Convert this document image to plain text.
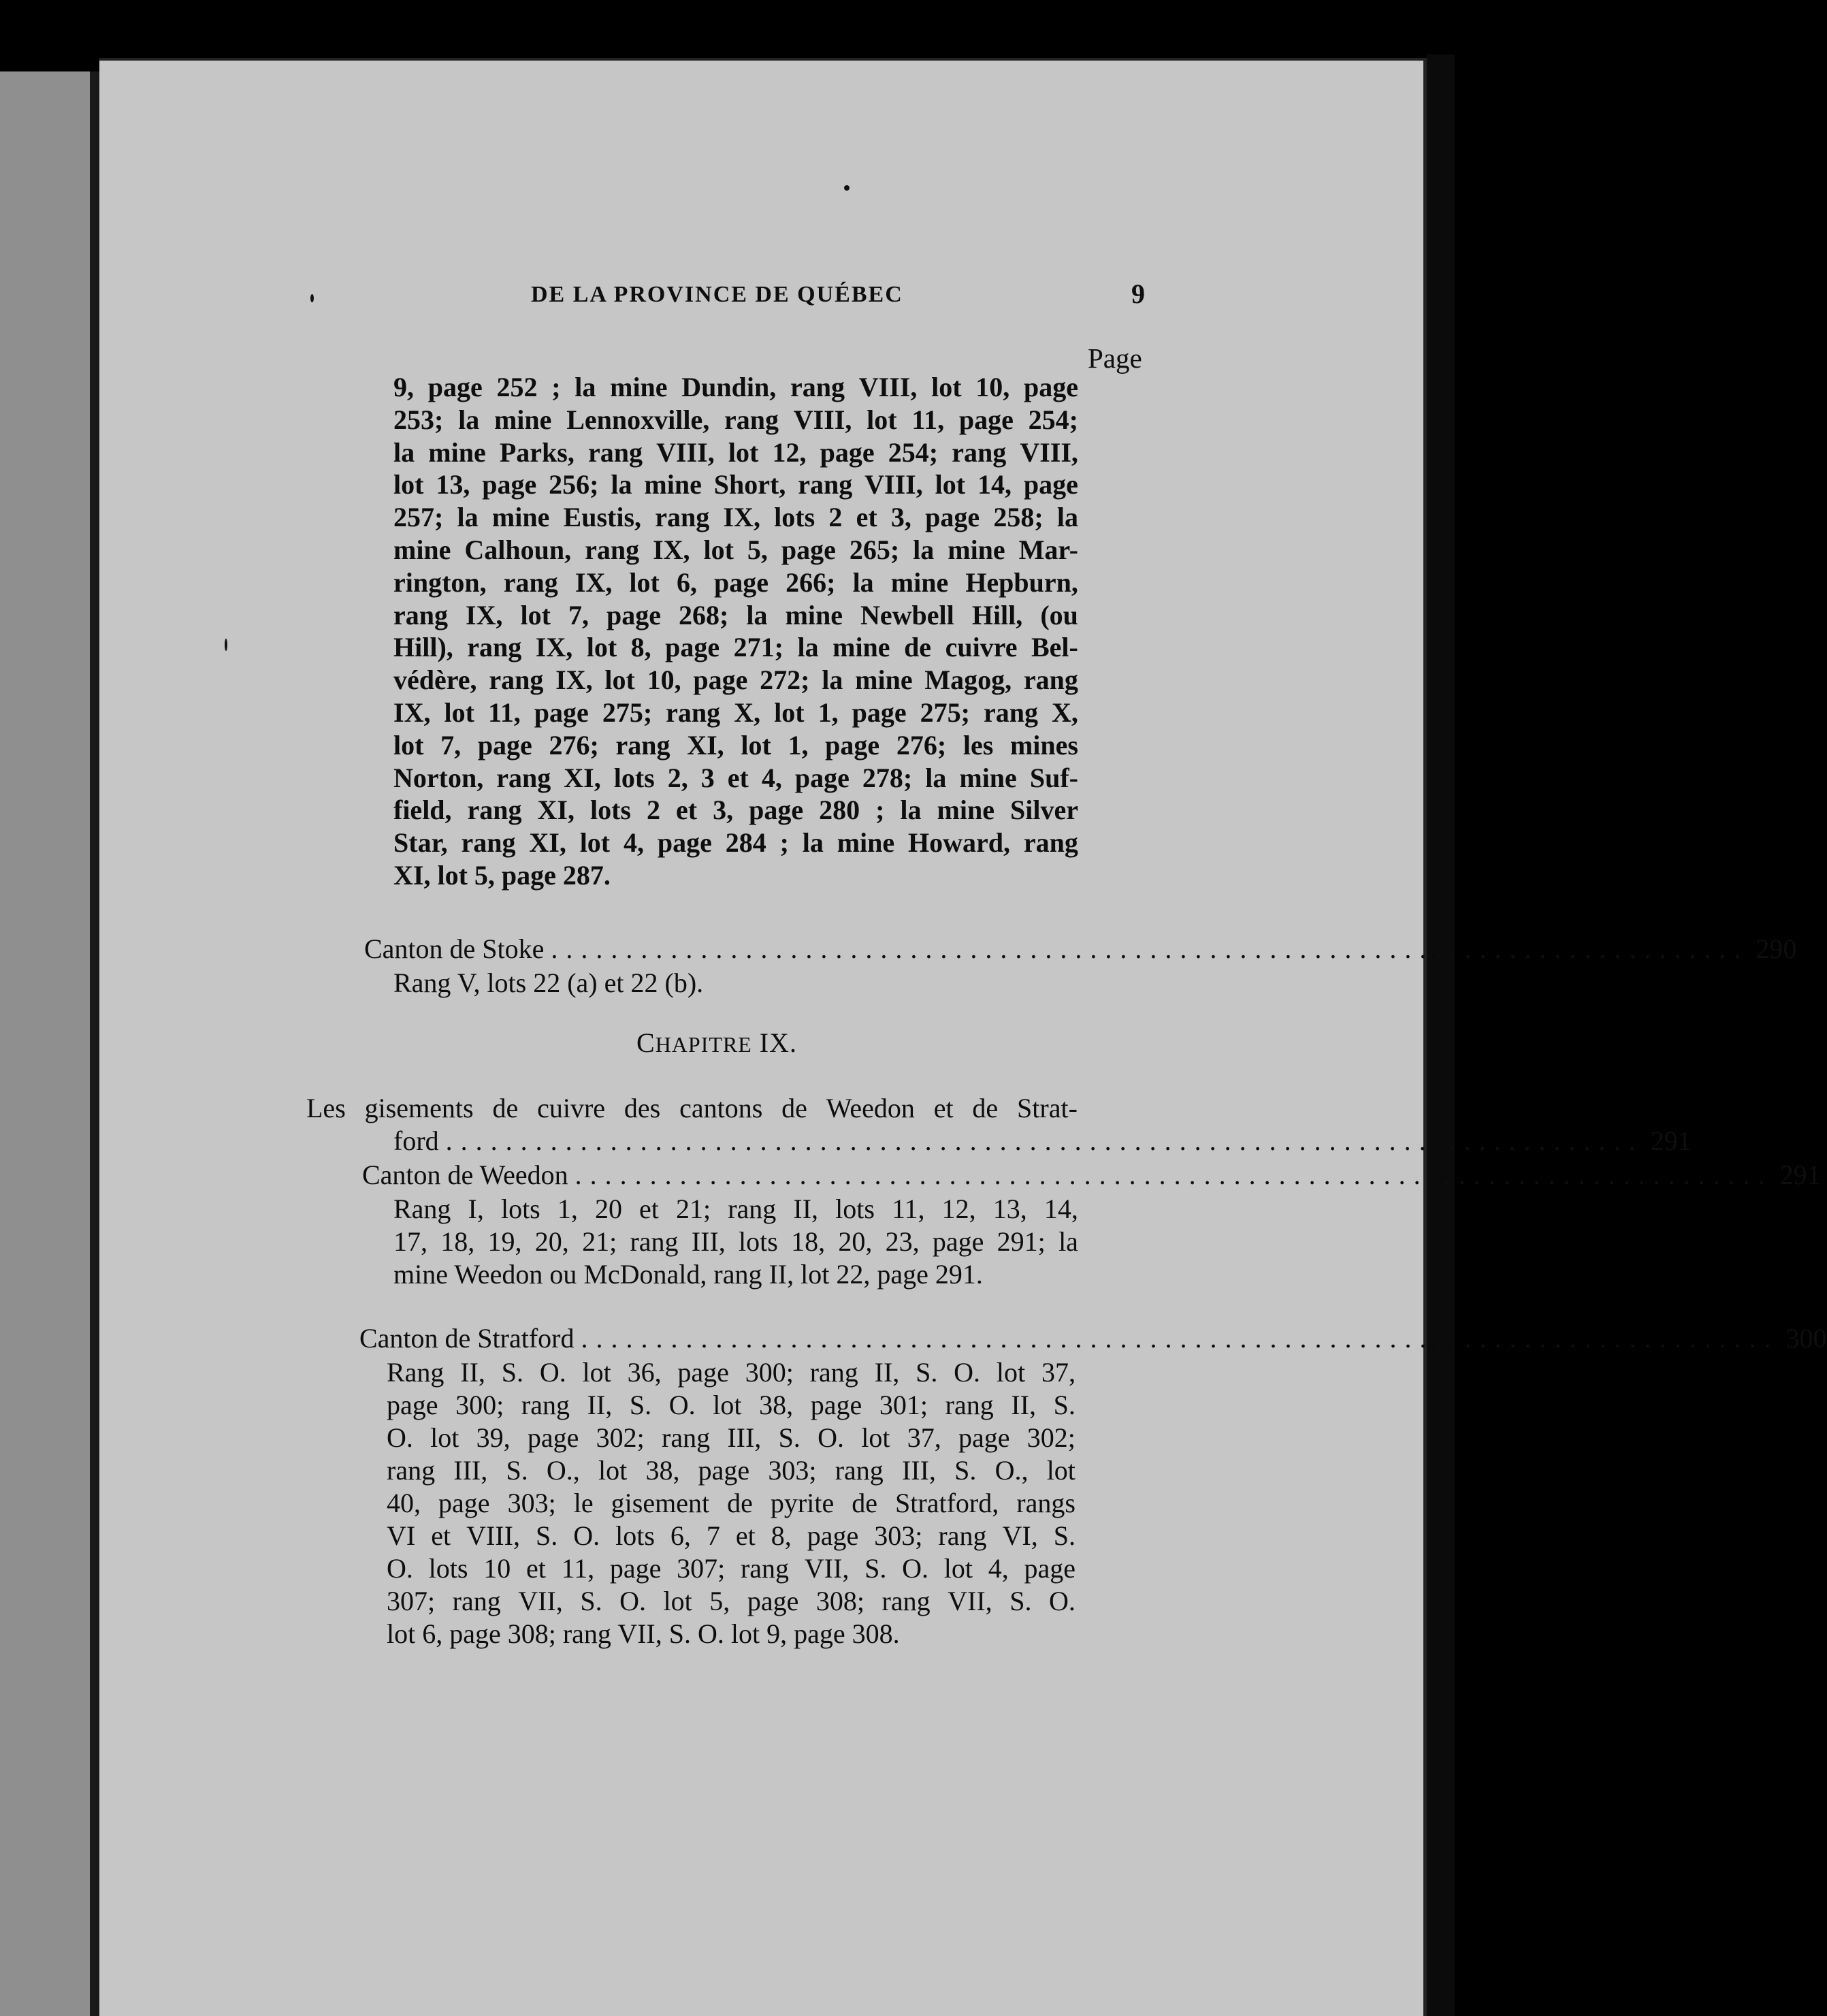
DE LA PROVINCE DE QUÉBEC	9
Page
9, page 252 ; la mine Dundin, rang VIII, lot 10, page
253; la mine Lennoxville, rang VIII, lot 11, page 254;
la mine Parks, rang VIII, lot 12, page 254; rang VIII,
lot 13, page 256; la mine Short, rang VIII, lot 14, page
257; la mine Eustis, rang IX, lots 2 et 3, page 258; la
mine Calhoun, rang IX, lot 5, page 265; la mine Mar-
rington, rang IX, lot 6, page 266; la mine Hepburn,
rang IX, lot 7, page 268; la mine Newbell Hill, (ou
Hill), rang IX, lot 8, page 271; la mine de cuivre Bel-
védère, rang IX, lot 10, page 272; la mine Magog, rang
IX, lot 11, page 275; rang X, lot 1, page 275; rang X,
lot 7, page 276; rang XI, lot 1, page 276; les mines
Norton, rang XI, lots 2, 3 et 4, page 278; la mine Suf-
field, rang XI, lots 2 et 3, page 280 ; la mine Silver
Star, rang XI, lot 4, page 284 ; la mine Howard, rang
XI, lot 5, page 287.
Canton de Stoke ................................................................................ 290
Rang V, lots 22 (a) et 22 (b).
CHAPITRE IX.
Les gisements de cuivre des cantons de Weedon et de Strat-
ford ................................................................................ 291
Canton de Weedon ................................................................................ 291
Rang I, lots 1, 20 et 21; rang II, lots 11, 12, 13, 14,
17, 18, 19, 20, 21; rang III, lots 18, 20, 23, page 291; la
mine Weedon ou McDonald, rang II, lot 22, page 291.
Canton de Stratford ................................................................................ 300
Rang II, S. O. lot 36, page 300; rang II, S. O. lot 37,
page 300; rang II, S. O. lot 38, page 301; rang II, S.
O. lot 39, page 302; rang III, S. O. lot 37, page 302;
rang III, S. O., lot 38, page 303; rang III, S. O., lot
40, page 303; le gisement de pyrite de Stratford, rangs
VI et VIII, S. O. lots 6, 7 et 8, page 303; rang VI, S.
O. lots 10 et 11, page 307; rang VII, S. O. lot 4, page
307; rang VII, S. O. lot 5, page 308; rang VII, S. O.
lot 6, page 308; rang VII, S. O. lot 9, page 308.
